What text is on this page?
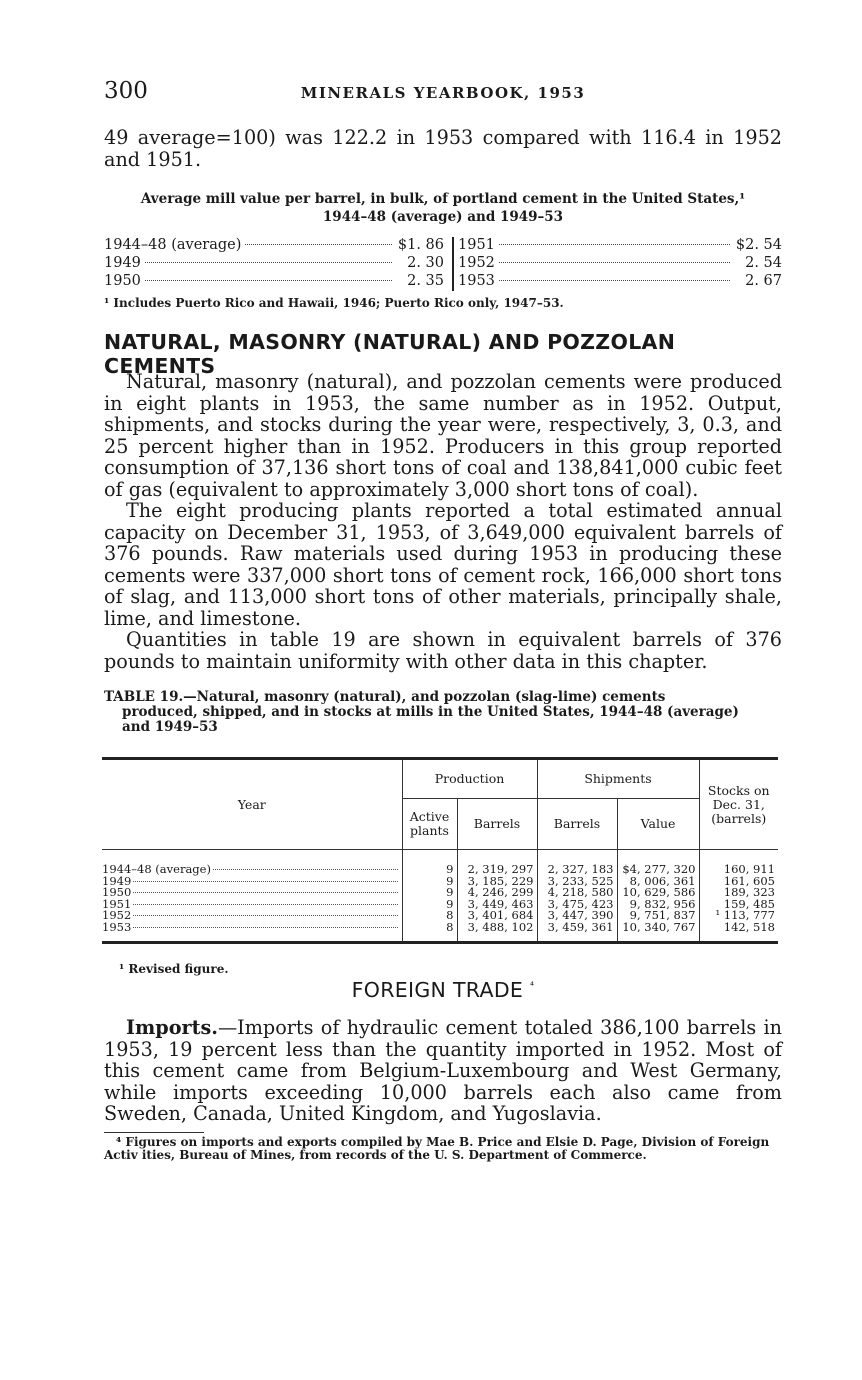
300	MINERALS YEARBOOK, 1953

49 average=100) was 122.2 in 1953 compared with 116.4 in 1952 and 1951.

Average mill value per barrel, in bulk, of portland cement in the United States,¹
1944–48 (average) and 1949–53
1944–48 (average)	$1. 86
1949	2. 30
1950	2. 35
1951	$2. 54
1952	2. 54
1953	2. 67
¹ Includes Puerto Rico and Hawaii, 1946; Puerto Rico only, 1947–53.
NATURAL, MASONRY (NATURAL) AND POZZOLAN CEMENTS

Natural, masonry (natural), and pozzolan cements were produced in eight plants in 1953, the same number as in 1952. Output, shipments, and stocks during the year were, respectively, 3, 0.3, and 25 percent higher than in 1952. Producers in this group reported consumption of 37,136 short tons of coal and 138,841,000 cubic feet of gas (equivalent to approximately 3,000 short tons of coal).

The eight producing plants reported a total estimated annual capacity on December 31, 1953, of 3,649,000 equivalent barrels of 376 pounds. Raw materials used during 1953 in producing these cements were 337,000 short tons of cement rock, 166,000 short tons of slag, and 113,000 short tons of other materials, principally shale, lime, and limestone.

Quantities in table 19 are shown in equivalent barrels of 376 pounds to maintain uniformity with other data in this chapter.

TABLE 19.—Natural, masonry (natural), and pozzolan (slag-lime) cements
produced, shipped, and in stocks at mills in the United States, 1944–48 (average)
and 1949–53
Year	Production		Shipments		Stocks on Dec. 31, (barrels)
	Active plants	Barrels	Barrels	Value	

1944–48 (average)	9	2, 319, 297	2, 327, 183	$4, 277, 320	160, 911

1949	9	3, 185, 229	3, 233, 525	8, 006, 361	161, 605

1950	9	4, 246, 299	4, 218, 580	10, 629, 586	189, 323

1951	9	3, 449, 463	3, 475, 423	9, 832, 956	159, 485

1952	8	3, 401, 684	3, 447, 390	9, 751, 837	¹ 113, 777

1953	8	3, 488, 102	3, 459, 361	10, 340, 767	142, 518
¹ Revised figure.
FOREIGN TRADE $^{^4}$

Imports.—Imports of hydraulic cement totaled 386,100 barrels in 1953, 19 percent less than the quantity imported in 1952. Most of this cement came from Belgium-Luxembourg and West Germany, while imports exceeding 10,000 barrels each also came from Sweden, Canada, United Kingdom, and Yugoslavia.

⁴ Figures on imports and exports compiled by Mae B. Price and Elsie D. Page, Division of Foreign Activ ities, Bureau of Mines, from records of the U. S. Department of Commerce.
